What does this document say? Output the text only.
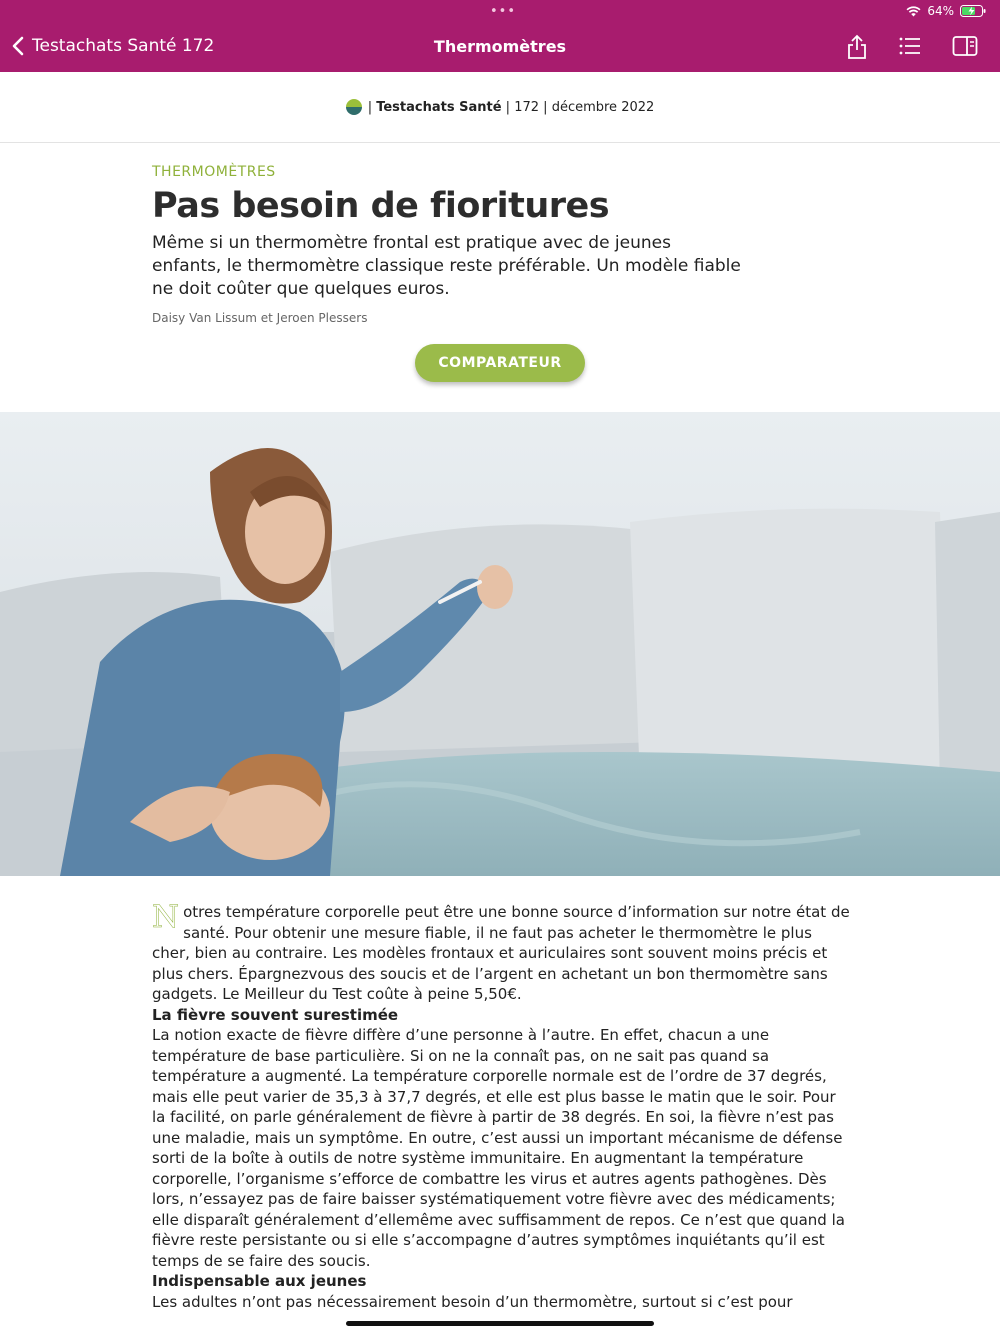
•••	64%
Testachats Santé 172	Thermomètres
| Testachats Santé | 172 | décembre 2022
THERMOMÈTRES
Pas besoin de fioritures
Même si un thermomètre frontal est pratique avec de jeunes enfants, le thermomètre classique reste préférable. Un modèle fiable ne doit coûter que quelques euros.
Daisy Van Lissum et Jeroen Plessers
COMPARATEUR

Notres température corporelle peut être une bonne source d’information sur notre état de santé. Pour obtenir une mesure fiable, il ne faut pas acheter le thermomètre le plus cher, bien au contraire. Les modèles frontaux et auriculaires sont souvent moins précis et plus chers. Épargnezvous des soucis et de l’argent en achetant un bon thermomètre sans gadgets. Le Meilleur du Test coûte à peine 5,50€.

La fièvre souvent surestimée

La notion exacte de fièvre diffère d’une personne à l’autre. En effet, chacun a une température de base particulière. Si on ne la connaît pas, on ne sait pas quand sa température a augmenté. La température corporelle normale est de l’ordre de 37 degrés, mais elle peut varier de 35,3 à 37,7 degrés, et elle est plus basse le matin que le soir. Pour la facilité, on parle généralement de fièvre à partir de 38 degrés. En soi, la fièvre n’est pas une maladie, mais un symptôme. En outre, c’est aussi un important mécanisme de défense sorti de la boîte à outils de notre système immunitaire. En augmentant la température corporelle, l’organisme s’efforce de combattre les virus et autres agents pathogènes. Dès lors, n’essayez pas de faire baisser systématiquement votre fièvre avec des médicaments; elle disparaît généralement d’ellemême avec suffisamment de repos. Ce n’est que quand la fièvre reste persistante ou si elle s’accompagne d’autres symptômes inquiétants qu’il est temps de se faire des soucis.

Indispensable aux jeunes

Les adultes n’ont pas nécessairement besoin d’un thermomètre, surtout si c’est pour
